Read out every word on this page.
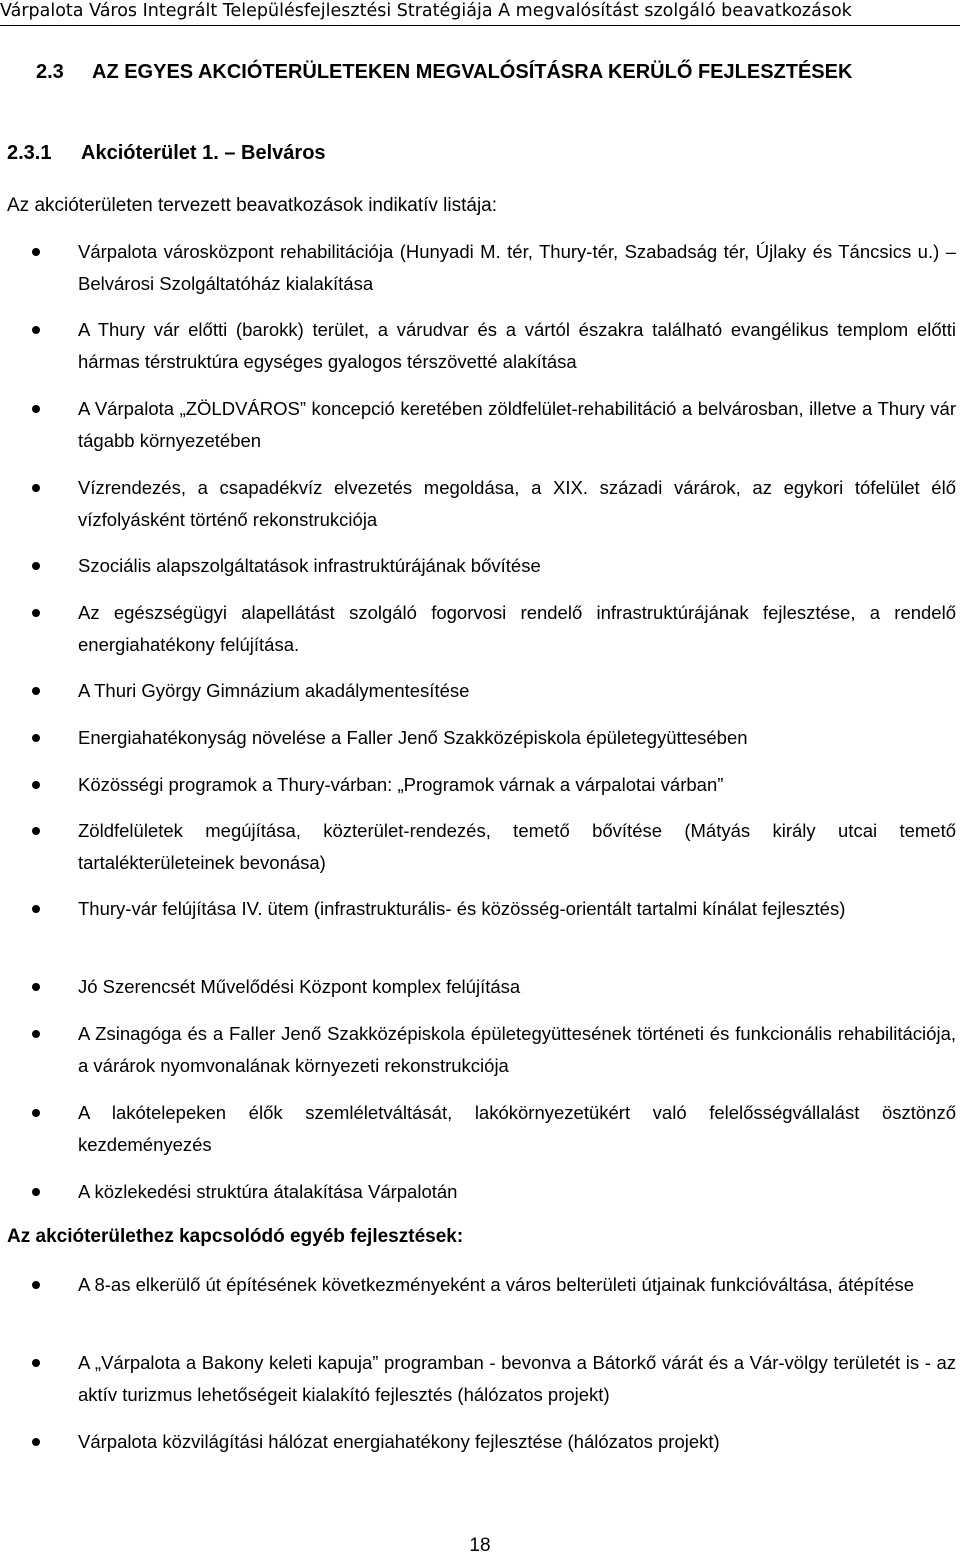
Várpalota Város Integrált Településfejlesztési Stratégiája A megvalósítást szolgáló beavatkozások
2.3 AZ EGYES AKCIÓTERÜLETEKEN MEGVALÓSÍTÁSRA KERÜLŐ FEJLESZTÉSEK
2.3.1 Akcióterület 1. – Belváros
Az akcióterületen tervezett beavatkozások indikatív listája:
Várpalota városközpont rehabilitációja (Hunyadi M. tér, Thury-tér, Szabadság tér, Újlaky és Táncsics u.) – Belvárosi Szolgáltatóház kialakítása
A Thury vár előtti (barokk) terület, a várudvar és a vártól északra található evangélikus templom előtti hármas térstruktúra egységes gyalogos térszövetté alakítása
A Várpalota „ZÖLDVÁROS” koncepció keretében zöldfelület-rehabilitáció a belvárosban, illetve a Thury vár tágabb környezetében
Vízrendezés, a csapadékvíz elvezetés megoldása, a XIX. századi várárok, az egykori tófelület élő vízfolyásként történő rekonstrukciója
Szociális alapszolgáltatások infrastruktúrájának bővítése
Az egészségügyi alapellátást szolgáló fogorvosi rendelő infrastruktúrájának fejlesztése, a rendelő energiahatékony felújítása.
A Thuri György Gimnázium akadálymentesítése
Energiahatékonyság növelése a Faller Jenő Szakközépiskola épületegyüttesében
Közösségi programok a Thury-várban: „Programok várnak a várpalotai várban”
Zöldfelületek megújítása, közterület-rendezés, temető bővítése (Mátyás király utcai temető tartalékterületeinek bevonása)
Thury-vár felújítása IV. ütem (infrastrukturális- és közösség-orientált tartalmi kínálat fejlesztés)
Jó Szerencsét Művelődési Központ komplex felújítása
A Zsinagóga és a Faller Jenő Szakközépiskola épületegyüttesének történeti és funkcionális rehabilitációja, a várárok nyomvonalának környezeti rekonstrukciója
A lakótelepeken élők szemléletváltását, lakókörnyezetükért való felelősségvállalást ösztönző kezdeményezés
A közlekedési struktúra átalakítása Várpalotán
Az akcióterülethez kapcsolódó egyéb fejlesztések:
A 8-as elkerülő út építésének következményeként a város belterületi útjainak funkcióváltása, átépítése
A „Várpalota a Bakony keleti kapuja” programban - bevonva a Bátorkő várát és a Vár-völgy területét is - az aktív turizmus lehetőségeit kialakító fejlesztés (hálózatos projekt)
Várpalota közvilágítási hálózat energiahatékony fejlesztése (hálózatos projekt)
18
